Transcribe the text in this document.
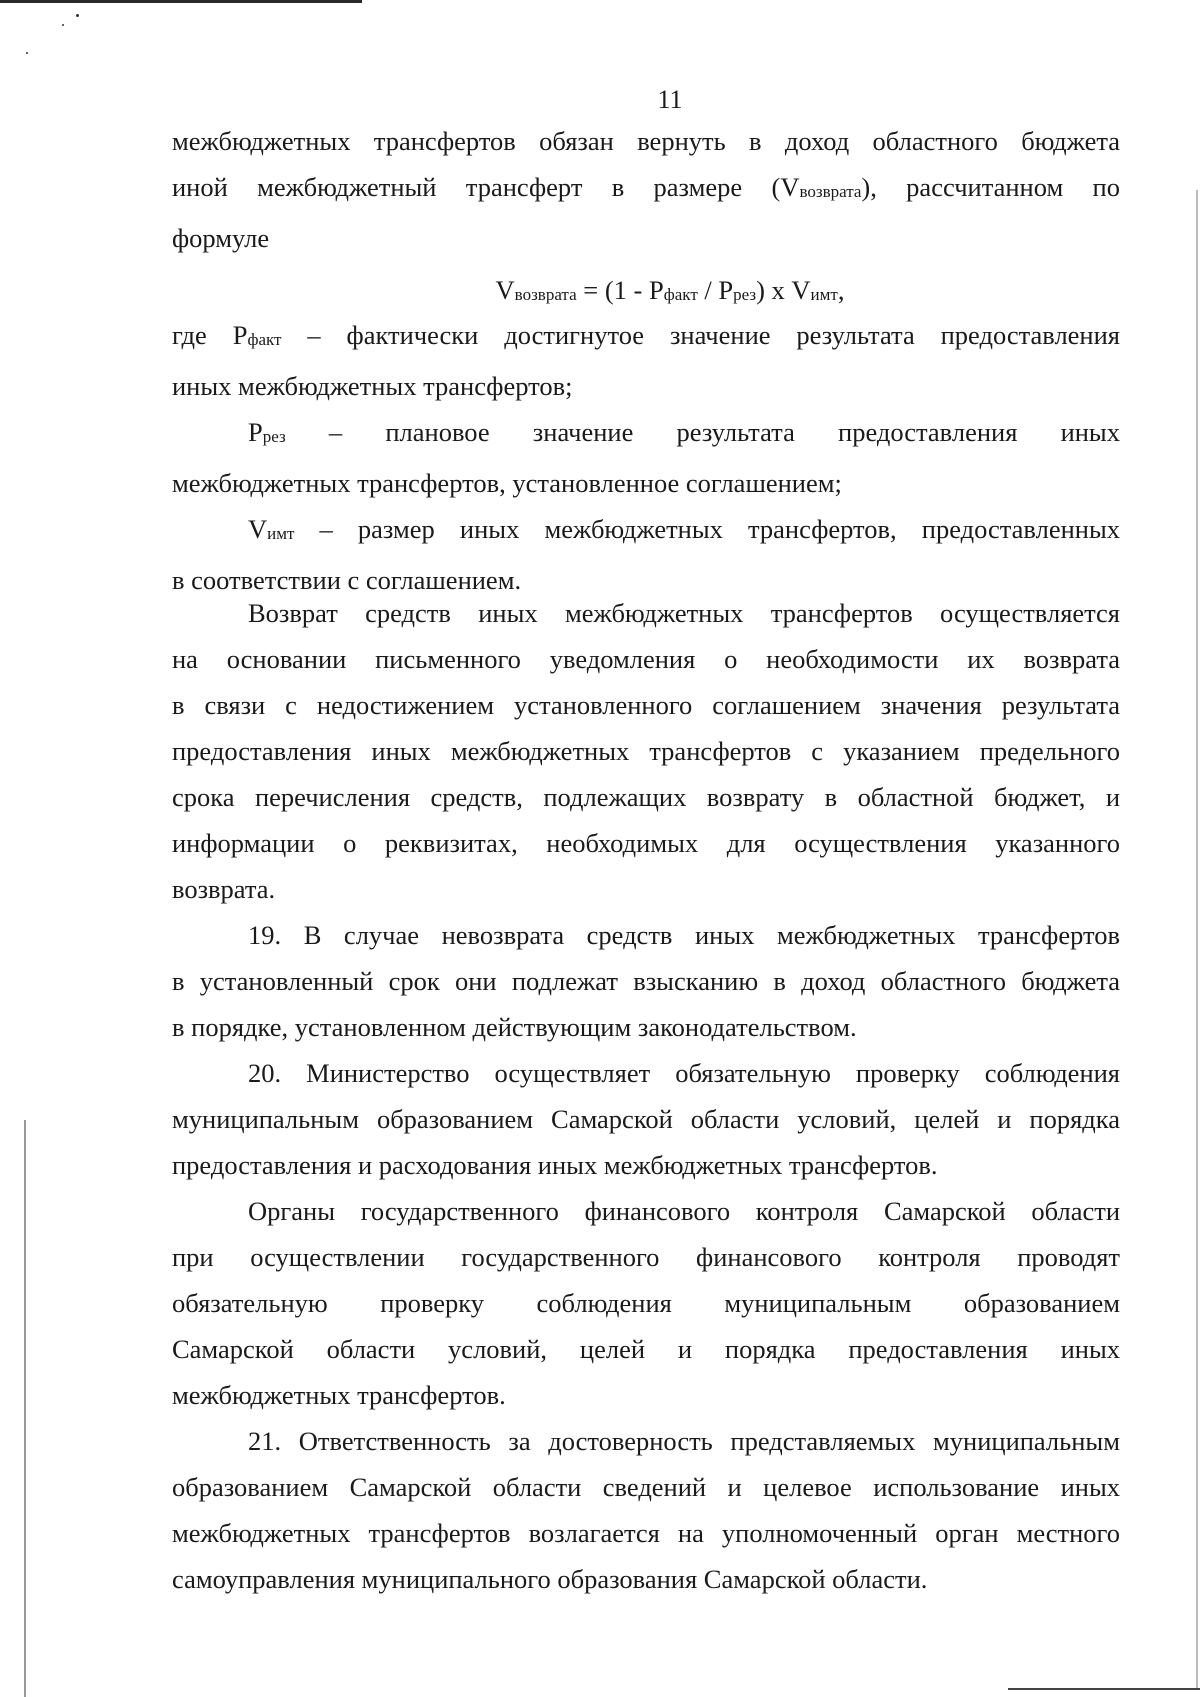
11
межбюджетных трансфертов обязан вернуть в доход областного бюджета
иной межбюджетный трансферт в размере (Vвозврата), рассчитанном по
формуле
Vвозврата = (1 - Pфакт / Pрез) х Vимт,
где Pфакт – фактически достигнутое значение результата предоставления
иных межбюджетных трансфертов;
Pрез – плановое значение результата предоставления иных
межбюджетных трансфертов, установленное соглашением;
Vимт – размер иных межбюджетных трансфертов, предоставленных
в соответствии с соглашением.
Возврат средств иных межбюджетных трансфертов осуществляется
на основании письменного уведомления о необходимости их возврата
в связи с недостижением установленного соглашением значения результата
предоставления иных межбюджетных трансфертов с указанием предельного
срока перечисления средств, подлежащих возврату в областной бюджет, и
информации о реквизитах, необходимых для осуществления указанного
возврата.
19. В случае невозврата средств иных межбюджетных трансфертов
в установленный срок они подлежат взысканию в доход областного бюджета
в порядке, установленном действующим законодательством.
20. Министерство осуществляет обязательную проверку соблюдения
муниципальным образованием Самарской области условий, целей и порядка
предоставления и расходования иных межбюджетных трансфертов.
Органы государственного финансового контроля Самарской области
при осуществлении государственного финансового контроля проводят
обязательную проверку соблюдения муниципальным образованием
Самарской области условий, целей и порядка предоставления иных
межбюджетных трансфертов.
21. Ответственность за достоверность представляемых муниципальным
образованием Самарской области сведений и целевое использование иных
межбюджетных трансфертов возлагается на уполномоченный орган местного
самоуправления муниципального образования Самарской области.
